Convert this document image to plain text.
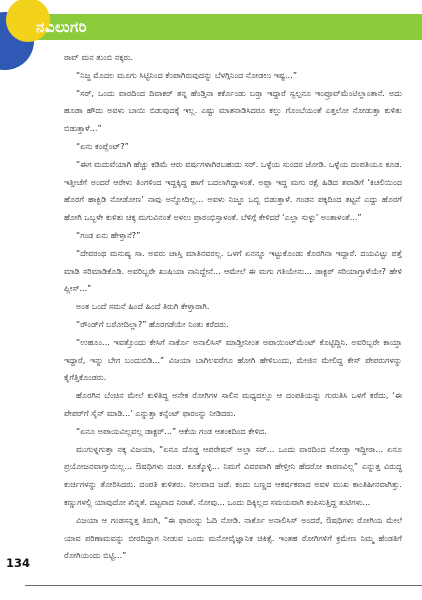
ನವಿಲುಗರಿ

ರಾವ್ ಮನ ತುಂಬಿ ನಕ್ಕರು.

“ನಿಜ್ಜ ಮೊದಲ ಮೂಗು ಸಿಟ್ಟಿನಿಂದ ಕೆಂಪಾಗಿರುವುದನ್ನು ಬೆಳಗ್ಗಿನಿಂದ ನೋಡಲು ಇಷ್ಟ...”

“ಸರ್, ಒಂದು ವಾರದಿಂದ ದಿವಾಕರ್ ತನ್ನ ಹೆಂಡ್ತಿನಾ ಕರ್ಕೊಂಡು ಬರ್‍ತಾ ಇದ್ದಾರೆ ಸ್ವಲ್ಪನೂ ಇಂಪ್ರೂವ್‌ಮೆಂಟಿಲ್ಲಾಂತಾನೆ. ಅದು ಹೂಡಾ ಹೌದು ಅವಳು ಬಾಯಿ ಬಿಡುವುದಕ್ಕೆ ಇಲ್ಲ. ಎಷ್ಟು ಮಾತನಾಡಿಸಿದರೂ ಕಲ್ಲು ಗೊಂಬೆಯಂತೆ ಎತ್ತಲೋ ನೋಡುತ್ತಾ ಕುಳಿತು ಬಿಡುತ್ತಾಳೆ...”

“ಏನು ಕಂಪ್ಲೆಂಟ್?”

“ಈಗ ಮದುವೆಯಾಗಿ ಹೆಚ್ಚು ಕಡಿಮೆ ಆರು ವರ್ಷಗಳಾಗಿರಬಹುದು ಸರ್. ಒಳ್ಳೆಯ ಸುಂದರ ಜೋಡಿ. ಒಳ್ಳೆಯ ದಂಪತಿಯೂ ಕೂಡ. ಇತ್ತೀಚೆಗೆ ಅಂದರೆ ಆರೇಳು ತಿಂಗಳಿಂದ ಇದ್ದಕ್ಕಿದ್ದ ಹಾಗೆ ಬದಲಾಗಿದ್ದಾಳಂತೆ. ಅಪ್ಪಾ ಇದ್ದ ಮಗು ರಕ್ಷೆ ಹಿಡಿದ ತವಾಡಿಗೆ ‘ಕಿಚಲಿಯಿಂದ ಹೊರಗೆ ಹಾಕ್ಬಿಡಿ ನೋಡೋಣ’ ನಾವು ಅನ್ನೋದಿಲ್ಲ... ಅವಳು ನಿಜ್ಜೂ ಒಬ್ಬಿ ಬಿಡುತ್ತಾಳೆ. ಗಂಡನ ಪಕ್ಕದಿಂದ ತಟ್ಟನೆ ಎದ್ದು ಹೊರಗೆ ಹೋಗಿ ಒಬ್ಬಳೇ ಕುಳಿತು ಚಿಕ್ಕ ಮಗುವಿನಂತೆ ಅಳಲು ಪ್ರಾರಂಭಿಸ್ತಾಳಂತೆ. ಬೆಳಿಗ್ಗೆ ಕೇಳಿದರೆ ‘ಎಲ್ಲಾ ಸುಳ್ಳು’ ಅಂತಾಳಂತೆ...”

“ಗಂಡ ಏನು ಹೇಳ್ತಾನೆ?”

“ದೇವರಂಥ ಮನುಷ್ಯ ಸಾ. ಅವರು ಜಾಸ್ತಿ ಮಾತಿನವರಲ್ಲ. ಒಳಗೆ ಏನನ್ನೂ ಇಟ್ಟುಕೊಂಡು ಕೊರಗಿನಾ ಇದ್ದಾರೆ. ದಯವಿಟ್ಟು ಪತ್ತೆ ಮಾಡಿ ಸರಿಮಾಡಿಕೊಡಿ. ಅವರಿಬ್ಬರೇ ಖುಷಿಯಾ ನಾನಿದ್ದೇನೆ... ಆಮೇಲೆ ಈ ಮಗು ಗತಿಯೇನು... ಡಾಕ್ಟರ್ ಸರಿಯಾಗ್ತಾಳೆಯೇ? ಹೇಳಿ ಪ್ಲೀಸ್...”

ಅಂತ ಒಂದೆ ಸಮನೆ ಹಿಂದೆ ಹಿಂದೆ ತಿರುಗಿ ಕೇಳ್ತಾರಾಗಿ.

“ರೌಂಡ್‌ಗೆ ಬರೋದಿಲ್ಲಾ?” ಹೊರಗಡೆಯೇ ನಿಂತು ಕರೆದರು.

“ಉಹೂಂ... ಇವತ್ತೊಂದು ಕೇಸಿಗೆ ನಾರ್ಕೊ ಅನಾಲಿಸಿಸ್ ಮಾಡ್ತೀನೀಂತ ಅಪಾಯಿಂಟ್‌ಮೆಂಟ್ ಕೊಟ್ಟಿದ್ದಿನಿ. ಅವರಿಬ್ಬರೇ ಕಾಯ್ತಾ ಇದ್ದಾರೆ, ಇನ್ನು ಬೇಗ ಬಂದುಬಿಡಿ...” ವಿಜಯಾ ಬಾಗಿಲವರೆಗೂ ಹೋಗಿ ಹೇಳಿಬಂದು, ಮೇಜಿನ ಮೇಲಿದ್ದ ಕೇಸ್ ಪೇಪರುಗಳನ್ನು ಕೈಗೆತ್ತಿಕೊಂಡರು.

ಹೊರಗಿನ ಬೆಂಚಿನ ಮೇಲೆ ಕುಳಿತಿದ್ದ ಅನೇಕ ರೋಗಿಗಳ ಸಾಲಿನ ಮಧ್ಯದಲ್ಲೂ ಆ ದಂಪತಿಯನ್ನು ಗುರುತಿಸಿ ಒಳಗೆ ಕರೆದು, ‘ಈ ಪೇಪರ್‌ಗೆ ಸೈನ್ ಮಾಡಿ...’ ಎನ್ನುತ್ತಾ ಕನ್ಸೆಂಟ್ ಫಾರಂನ್ನು ನೀಡಿದರು.

“ಏನೂ ಅಪಾಯವಿಲ್ಲವಲ್ಲ ಡಾಕ್ಟರ್...” ಆಕೆಯ ಗಂಡ ಆತಂಕದಿಂದ ಕೇಳಿದ.

ಮುಗುಳ್ನಗುತ್ತಾ ನಕ್ಕ ವಿಜಯಾ, “ಏನೂ ದೊಡ್ಡ ಆಪರೇಷನ್ ಅಲ್ಲಾ ಸರ್... ಒಂದು ವಾರದಿಂದ ನೋಡ್ತಾ ಇದ್ದೀರಾ... ಏನೂ ಪ್ರಯೋಜನವಾಗ್ತಾಯಿಲ್ಲ... ಔಷಧಿಗಳು ದಂಡ. ಕೂತ್ಕೊಳ್ಳಿ... ನಿಮಗೆ ವಿವರವಾಗಿ ಹೇಳ್ತೀನಿ ಹೆದರೋ ಕಾರಣವಿಲ್ಲ” ಎನ್ನುತ್ತ ವಿರುದ್ಧ ಕುರ್ಚಿಗಳನ್ನು ತೋರಿಸಿದರು. ದಂಪತಿ ಕುಳಿತರು. ನೀಲವಾದ ಜಡೆ. ಕಂದು ಬಣ್ಣದ ಆಕರ್ಷಕವಾದ ಅವಳ ಮುಖ ಕಾಂತಿಹೀನವಾಗಿತ್ತು. ಕಣ್ಣುಗಳಲ್ಲಿ ಯಾವುದೋ ಖಿನ್ನತೆ. ದಟ್ಟವಾದ ನಿರಾಶೆ. ನೋವು... ಒಂದು ದಿಕ್ಕಿಲ್ಲದ ಸಮಯವಾಗಿ ಕಂಪಿಸುತ್ತಿದ್ದ ತುಟಿಗಳು...

ವಿಜಯಾ ಆ ಗಂಡಸನ್ನತ್ತ ತಿರುಗಿ, “ಈ ಫಾರಂನ್ನು ಓದಿ ನೋಡಿ. ನಾರ್ಕೊ ಅನಾಲಿಸಿಸ್ ಅಂದರೆ, ಔಷಧಿಗಳು ರೋಗಿಯ ಮೇಲೆ ಯಾವ ಪರಿಣಾಮವನ್ನು ಬೀರದಿದ್ದಾಗ ನೀಡುವ ಒಂದು ಮನೋವೈಜ್ಞಾನಿಕ ಚಿಕಿತ್ಸೆ. ಇಂತಹ ರೋಗಿಗಳಿಗೆ ಕ್ರಮೇಣ ನಿಮ್ಮ ಹೆಂಡತಿಗೆ ರೋಗಿಯಂದು ಬಿಟ್ಟಿ...”

134
